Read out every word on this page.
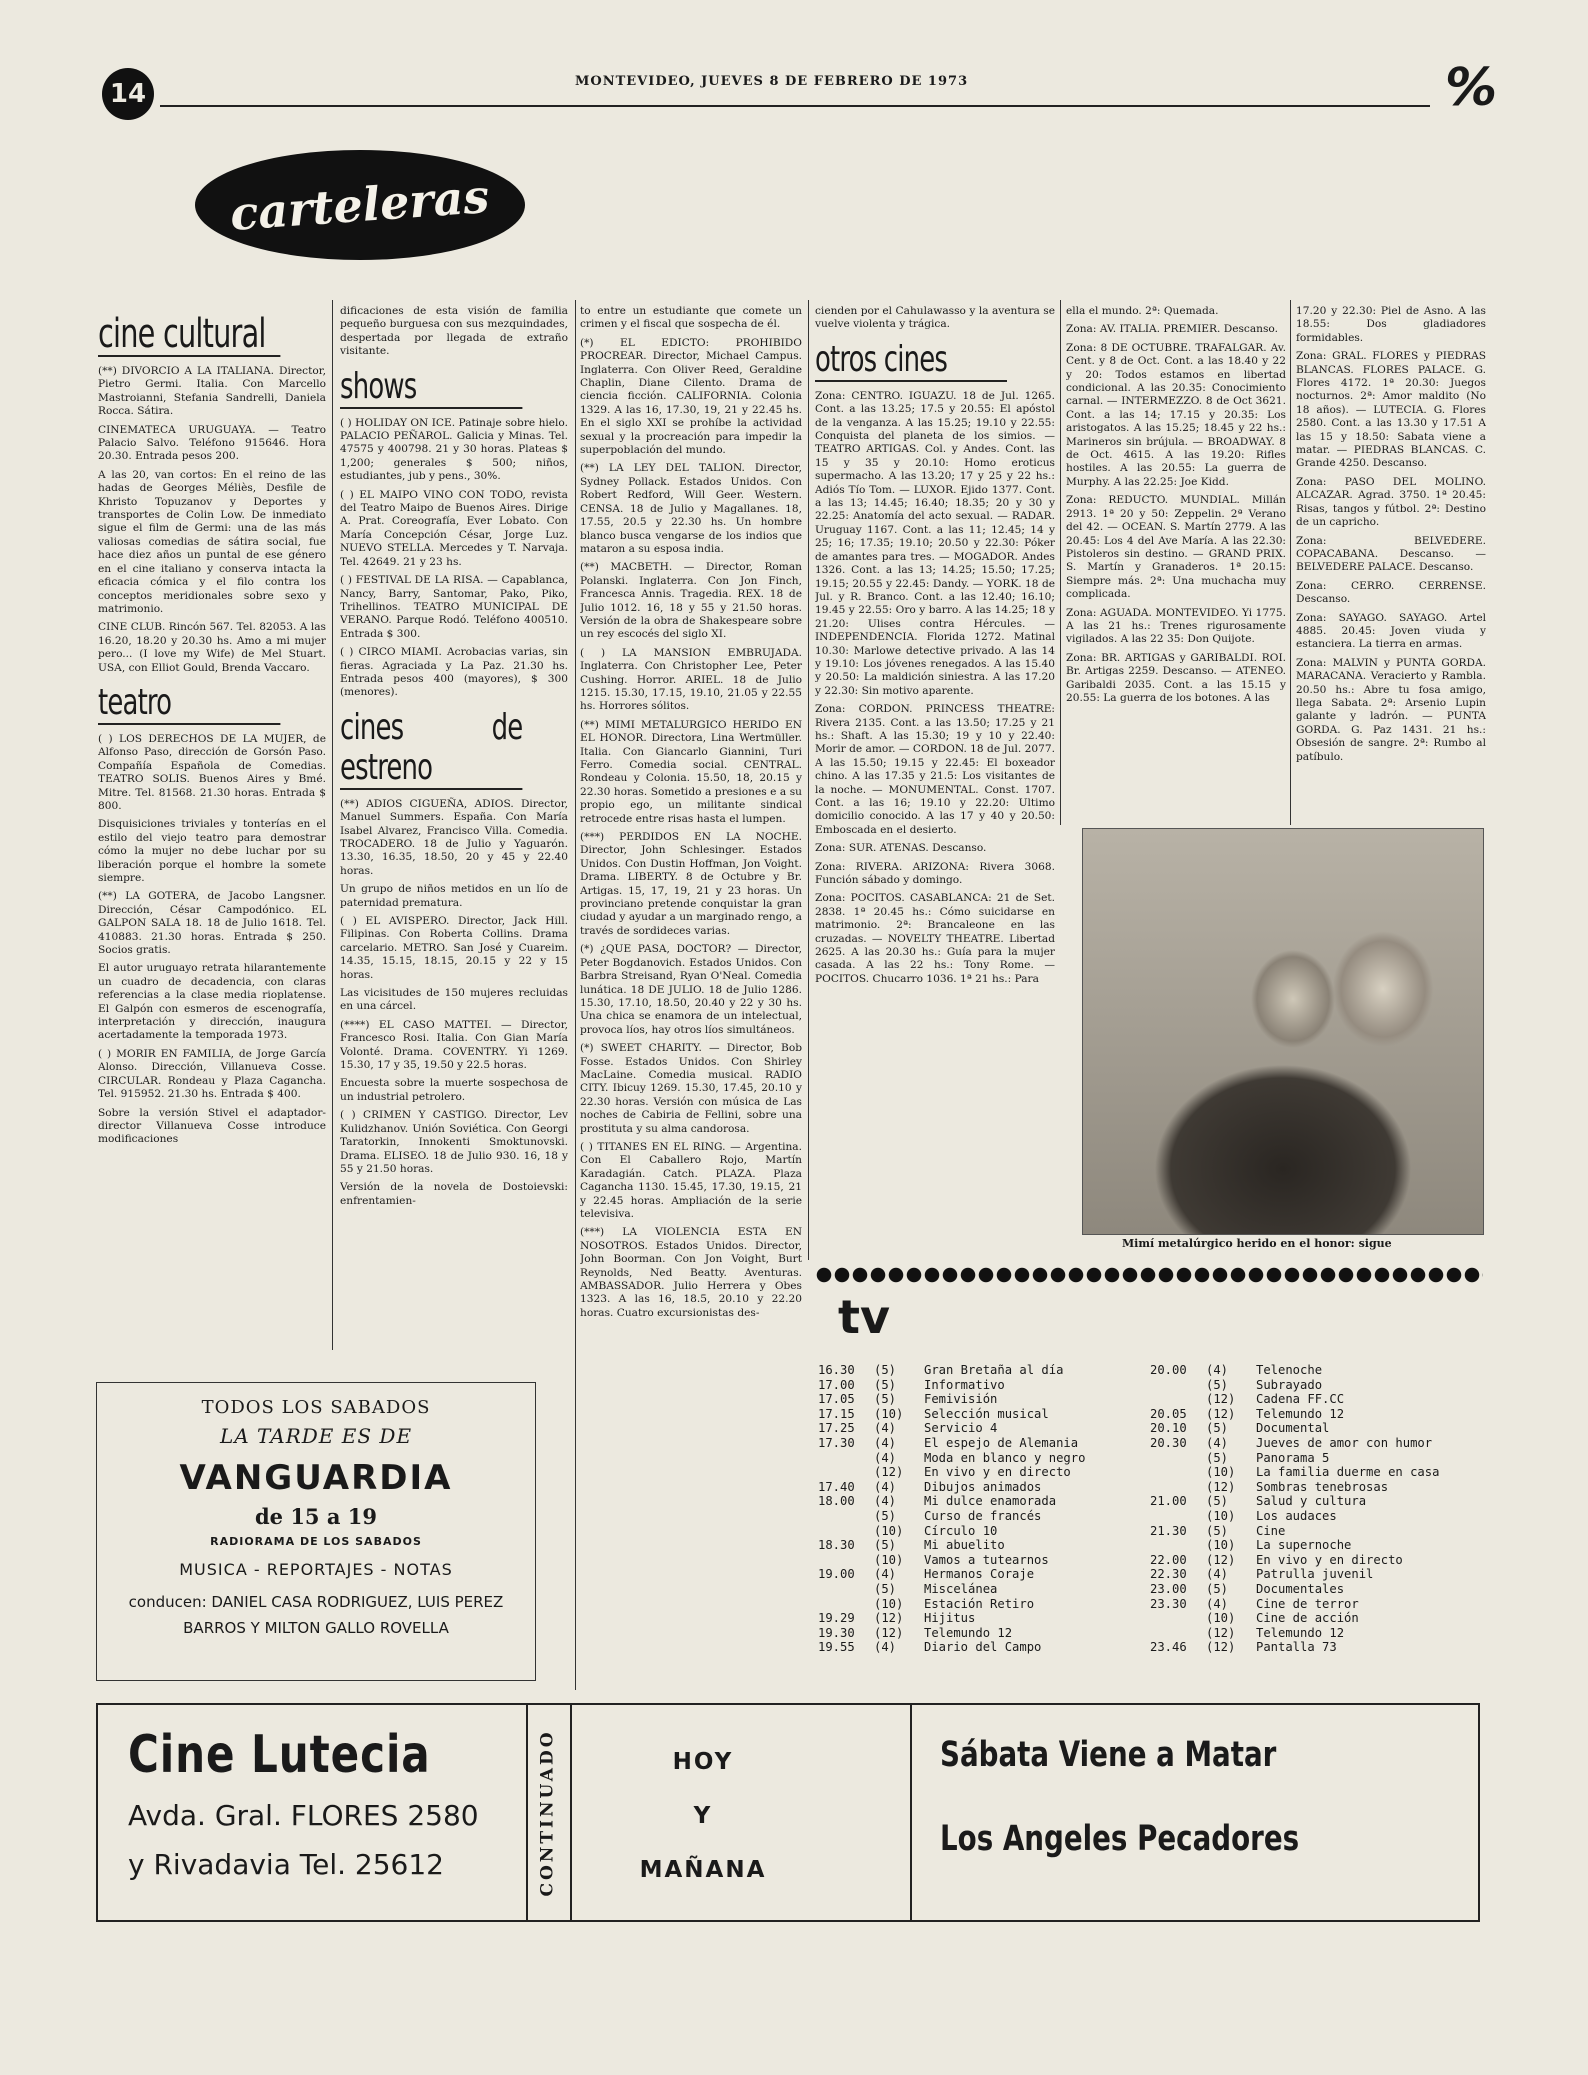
14	MONTEVIDEO, JUEVES 8 DE FEBRERO DE 1973	%
carteleras
cine cultural

(**) DIVORCIO A LA ITALIANA. Director, Pietro Germi. Italia. Con Marcello Mastroianni, Stefania Sandrelli, Daniela Rocca. Sátira.

CINEMATECA URUGUAYA. — Teatro Palacio Salvo. Teléfono 915646. Hora 20.30. Entrada pesos 200.

A las 20, van cortos: En el reino de las hadas de Georges Méliès, Desfile de Khristo Topuzanov y Deportes y transportes de Colin Low. De inmediato sigue el film de Germi: una de las más valiosas comedias de sátira social, fue hace diez años un puntal de ese género en el cine italiano y conserva intacta la eficacia cómica y el filo contra los conceptos meridionales sobre sexo y matrimonio.

CINE CLUB. Rincón 567. Tel. 82053. A las 16.20, 18.20 y 20.30 hs. Amo a mi mujer pero... (I love my Wife) de Mel Stuart. USA, con Elliot Gould, Brenda Vaccaro.

teatro

( ) LOS DERECHOS DE LA MUJER, de Alfonso Paso, dirección de Gorsón Paso. Compañía Española de Comedias. TEATRO SOLIS. Buenos Aires y Bmé. Mitre. Tel. 81568. 21.30 horas. Entrada $ 800.

Disquisiciones triviales y tonterías en el estilo del viejo teatro para demostrar cómo la mujer no debe luchar por su liberación porque el hombre la somete siempre.

(**) LA GOTERA, de Jacobo Langsner. Dirección, César Campodónico. EL GALPON SALA 18. 18 de Julio 1618. Tel. 410883. 21.30 horas. Entrada $ 250. Socios gratis.

El autor uruguayo retrata hilarantemente un cuadro de decadencia, con claras referencias a la clase media rioplatense. El Galpón con esmeros de escenografía, interpretación y dirección, inaugura acertadamente la temporada 1973.

( ) MORIR EN FAMILIA, de Jorge García Alonso. Dirección, Villanueva Cosse. CIRCULAR. Rondeau y Plaza Cagancha. Tel. 915952. 21.30 hs. Entrada $ 400.

Sobre la versión Stivel el adaptador-director Villanueva Cosse introduce modificaciones

dificaciones de esta visión de familia pequeño burguesa con sus mezquindades, despertada por llegada de extraño visitante.

shows

( ) HOLIDAY ON ICE. Patinaje sobre hielo. PALACIO PEÑAROL. Galicia y Minas. Tel. 47575 y 400798. 21 y 30 horas. Plateas $ 1,200; generales $ 500; niños, estudiantes, jub y pens., 30%.

( ) EL MAIPO VINO CON TODO, revista del Teatro Maipo de Buenos Aires. Dirige A. Prat. Coreografía, Ever Lobato. Con María Concepción César, Jorge Luz. NUEVO STELLA. Mercedes y T. Narvaja. Tel. 42649. 21 y 23 hs.

( ) FESTIVAL DE LA RISA. — Capablanca, Nancy, Barry, Santomar, Pako, Piko, Trihellinos. TEATRO MUNICIPAL DE VERANO. Parque Rodó. Teléfono 400510. Entrada $ 300.

( ) CIRCO MIAMI. Acrobacias varias, sin fieras. Agraciada y La Paz. 21.30 hs. Entrada pesos 400 (mayores), $ 300 (menores).

cines de estreno

(**) ADIOS CIGUEÑA, ADIOS. Director, Manuel Summers. España. Con María Isabel Alvarez, Francisco Villa. Comedia. TROCADERO. 18 de Julio y Yaguarón. 13.30, 16.35, 18.50, 20 y 45 y 22.40 horas.

Un grupo de niños metidos en un lío de paternidad prematura.

( ) EL AVISPERO. Director, Jack Hill. Filipinas. Con Roberta Collins. Drama carcelario. METRO. San José y Cuareim. 14.35, 15.15, 18.15, 20.15 y 22 y 15 horas.

Las vicisitudes de 150 mujeres recluidas en una cárcel.

(****) EL CASO MATTEI. — Director, Francesco Rosi. Italia. Con Gian María Volonté. Drama. COVENTRY. Yi 1269. 15.30, 17 y 35, 19.50 y 22.5 horas.

Encuesta sobre la muerte sospechosa de un industrial petrolero.

( ) CRIMEN Y CASTIGO. Director, Lev Kulidzhanov. Unión Soviética. Con Georgi Taratorkin, Innokenti Smoktunovski. Drama. ELISEO. 18 de Julio 930. 16, 18 y 55 y 21.50 horas.

Versión de la novela de Dostoievski: enfrentamien-

to entre un estudiante que comete un crimen y el fiscal que sospecha de él.

(*) EL EDICTO: PROHIBIDO PROCREAR. Director, Michael Campus. Inglaterra. Con Oliver Reed, Geraldine Chaplin, Diane Cilento. Drama de ciencia ficción. CALIFORNIA. Colonia 1329. A las 16, 17.30, 19, 21 y 22.45 hs. En el siglo XXI se prohíbe la actividad sexual y la procreación para impedir la superpoblación del mundo.

(**) LA LEY DEL TALION. Director, Sydney Pollack. Estados Unidos. Con Robert Redford, Will Geer. Western. CENSA. 18 de Julio y Magallanes. 18, 17.55, 20.5 y 22.30 hs. Un hombre blanco busca vengarse de los indios que mataron a su esposa india.

(**) MACBETH. — Director, Roman Polanski. Inglaterra. Con Jon Finch, Francesca Annis. Tragedia. REX. 18 de Julio 1012. 16, 18 y 55 y 21.50 horas. Versión de la obra de Shakespeare sobre un rey escocés del siglo XI.

( ) LA MANSION EMBRUJADA. Inglaterra. Con Christopher Lee, Peter Cushing. Horror. ARIEL. 18 de Julio 1215. 15.30, 17.15, 19.10, 21.05 y 22.55 hs. Horrores sólitos.

(**) MIMI METALURGICO HERIDO EN EL HONOR. Directora, Lina Wertmüller. Italia. Con Giancarlo Giannini, Turi Ferro. Comedia social. CENTRAL. Rondeau y Colonia. 15.50, 18, 20.15 y 22.30 horas. Sometido a presiones e a su propio ego, un militante sindical retrocede entre risas hasta el lumpen.

(***) PERDIDOS EN LA NOCHE. Director, John Schlesinger. Estados Unidos. Con Dustin Hoffman, Jon Voight. Drama. LIBERTY. 8 de Octubre y Br. Artigas. 15, 17, 19, 21 y 23 horas. Un provinciano pretende conquistar la gran ciudad y ayudar a un marginado rengo, a través de sordideces varias.

(*) ¿QUE PASA, DOCTOR? — Director, Peter Bogdanovich. Estados Unidos. Con Barbra Streisand, Ryan O'Neal. Comedia lunática. 18 DE JULIO. 18 de Julio 1286. 15.30, 17.10, 18.50, 20.40 y 22 y 30 hs. Una chica se enamora de un intelectual, provoca líos, hay otros líos simultáneos.

(*) SWEET CHARITY. — Director, Bob Fosse. Estados Unidos. Con Shirley MacLaine. Comedia musical. RADIO CITY. Ibicuy 1269. 15.30, 17.45, 20.10 y 22.30 horas. Versión con música de Las noches de Cabiria de Fellini, sobre una prostituta y su alma candorosa.

( ) TITANES EN EL RING. — Argentina. Con El Caballero Rojo, Martín Karadagián. Catch. PLAZA. Plaza Cagancha 1130. 15.45, 17.30, 19.15, 21 y 22.45 horas. Ampliación de la serie televisiva.

(***) LA VIOLENCIA ESTA EN NOSOTROS. Estados Unidos. Director, John Boorman. Con Jon Voight, Burt Reynolds, Ned Beatty. Aventuras. AMBASSADOR. Julio Herrera y Obes 1323. A las 16, 18.5, 20.10 y 22.20 horas. Cuatro excursionistas des-

cienden por el Cahulawasso y la aventura se vuelve violenta y trágica.

otros cines

Zona: CENTRO. IGUAZU. 18 de Jul. 1265. Cont. a las 13.25; 17.5 y 20.55: El apóstol de la venganza. A las 15.25; 19.10 y 22.55: Conquista del planeta de los simios. — TEATRO ARTIGAS. Col. y Andes. Cont. las 15 y 35 y 20.10: Homo eroticus supermacho. A las 13.20; 17 y 25 y 22 hs.: Adiós Tío Tom. — LUXOR. Ejido 1377. Cont. a las 13; 14.45; 16.40; 18.35; 20 y 30 y 22.25: Anatomía del acto sexual. — RADAR. Uruguay 1167. Cont. a las 11; 12.45; 14 y 25; 16; 17.35; 19.10; 20.50 y 22.30: Póker de amantes para tres. — MOGADOR. Andes 1326. Cont. a las 13; 14.25; 15.50; 17.25; 19.15; 20.55 y 22.45: Dandy. — YORK. 18 de Jul. y R. Branco. Cont. a las 12.40; 16.10; 19.45 y 22.55: Oro y barro. A las 14.25; 18 y 21.20: Ulises contra Hércules. — INDEPENDENCIA. Florida 1272. Matinal 10.30: Marlowe detective privado. A las 14 y 19.10: Los jóvenes renegados. A las 15.40 y 20.50: La maldición siniestra. A las 17.20 y 22.30: Sin motivo aparente.

Zona: CORDON. PRINCESS THEATRE: Rivera 2135. Cont. a las 13.50; 17.25 y 21 hs.: Shaft. A las 15.30; 19 y 10 y 22.40: Morir de amor. — CORDON. 18 de Jul. 2077. A las 15.50; 19.15 y 22.45: El boxeador chino. A las 17.35 y 21.5: Los visitantes de la noche. — MONUMENTAL. Const. 1707. Cont. a las 16; 19.10 y 22.20: Ultimo domicilio conocido. A las 17 y 40 y 20.50: Emboscada en el desierto.

Zona: SUR. ATENAS. Descanso.

Zona: RIVERA. ARIZONA: Rivera 3068. Función sábado y domingo.

Zona: POCITOS. CASABLANCA: 21 de Set. 2838. 1ª 20.45 hs.: Cómo suicidarse en matrimonio. 2ª: Brancaleone en las cruzadas. — NOVELTY THEATRE. Libertad 2625. A las 20.30 hs.: Guía para la mujer casada. A las 22 hs.: Tony Rome. — POCITOS. Chucarro 1036. 1ª 21 hs.: Para

ella el mundo. 2ª: Quemada.

Zona: AV. ITALIA. PREMIER. Descanso.

Zona: 8 DE OCTUBRE. TRAFALGAR. Av. Cent. y 8 de Oct. Cont. a las 18.40 y 22 y 20: Todos estamos en libertad condicional. A las 20.35: Conocimiento carnal. — INTERMEZZO. 8 de Oct 3621. Cont. a las 14; 17.15 y 20.35: Los aristogatos. A las 15.25; 18.45 y 22 hs.: Marineros sin brújula. — BROADWAY. 8 de Oct. 4615. A las 19.20: Rifles hostiles. A las 20.55: La guerra de Murphy. A las 22.25: Joe Kidd.

Zona: REDUCTO. MUNDIAL. Millán 2913. 1ª 20 y 50: Zeppelin. 2ª Verano del 42. — OCEAN. S. Martín 2779. A las 20.45: Los 4 del Ave María. A las 22.30: Pistoleros sin destino. — GRAND PRIX. S. Martín y Granaderos. 1ª 20.15: Siempre más. 2ª: Una muchacha muy complicada.

Zona: AGUADA. MONTEVIDEO. Yi 1775. A las 21 hs.: Trenes rigurosamente vigilados. A las 22 35: Don Quijote.

Zona: BR. ARTIGAS y GARIBALDI. ROI. Br. Artigas 2259. Descanso. — ATENEO. Garibaldi 2035. Cont. a las 15.15 y 20.55: La guerra de los botones. A las

17.20 y 22.30: Piel de Asno. A las 18.55: Dos gladiadores formidables.

Zona: GRAL. FLORES y PIEDRAS BLANCAS. FLORES PALACE. G. Flores 4172. 1ª 20.30: Juegos nocturnos. 2ª: Amor maldito (No 18 años). — LUTECIA. G. Flores 2580. Cont. a las 13.30 y 17.51 A las 15 y 18.50: Sabata viene a matar. — PIEDRAS BLANCAS. C. Grande 4250. Descanso.

Zona: PASO DEL MOLINO. ALCAZAR. Agrad. 3750. 1ª 20.45: Risas, tangos y fútbol. 2ª: Destino de un capricho.

Zona: BELVEDERE. COPACABANA. Descanso. — BELVEDERE PALACE. Descanso.

Zona: CERRO. CERRENSE. Descanso.

Zona: SAYAGO. SAYAGO. Artel 4885. 20.45: Joven viuda y estanciera. La tierra en armas.

Zona: MALVIN y PUNTA GORDA. MARACANA. Veracierto y Rambla. 20.50 hs.: Abre tu fosa amigo, llega Sabata. 2ª: Arsenio Lupin galante y ladrón. — PUNTA GORDA. G. Paz 1431. 21 hs.: Obsesión de sangre. 2ª: Rumbo al patíbulo.

Mimí metalúrgico herido en el honor: sigue
tv
16.30	(5)	Gran Bretaña al día
17.00	(5)	Informativo
17.05	(5)	Femivisión
17.15	(10)	Selección musical
17.25	(4)	Servicio 4
17.30	(4)	El espejo de Alemania
(4)	Moda en blanco y negro
(12)	En vivo y en directo
17.40	(4)	Dibujos animados
18.00	(4)	Mi dulce enamorada
(5)	Curso de francés
(10)	Círculo 10
18.30	(5)	Mi abuelito
(10)	Vamos a tutearnos
19.00	(4)	Hermanos Coraje
(5)	Miscelánea
(10)	Estación Retiro
19.29	(12)	Hijitus
19.30	(12)	Telemundo 12
19.55	(4)	Diario del Campo
20.00	(4)	Telenoche
(5)	Subrayado
(12)	Cadena FF.CC
20.05	(12)	Telemundo 12
20.10	(5)	Documental
20.30	(4)	Jueves de amor con humor
(5)	Panorama 5
(10)	La familia duerme en casa
(12)	Sombras tenebrosas
21.00	(5)	Salud y cultura
(10)	Los audaces
21.30	(5)	Cine
(10)	La supernoche
22.00	(12)	En vivo y en directo
22.30	(4)	Patrulla juvenil
23.00	(5)	Documentales
23.30	(4)	Cine de terror
(10)	Cine de acción
(12)	Telemundo 12
23.46	(12)	Pantalla 73
TODOS LOS SABADOS
LA TARDE ES DE
VANGUARDIA
de 15 a 19
RADIORAMA DE LOS SABADOS
MUSICA - REPORTAJES - NOTAS
conducen: DANIEL CASA RODRIGUEZ, LUIS PEREZ BARROS Y MILTON GALLO ROVELLA
Cine Lutecia
Avda. Gral. FLORES 2580
y Rivadavia Tel. 25612	CONTINUADO	HOY
Y
MAÑANA
Sábata Viene a Matar
Los Angeles Pecadores
